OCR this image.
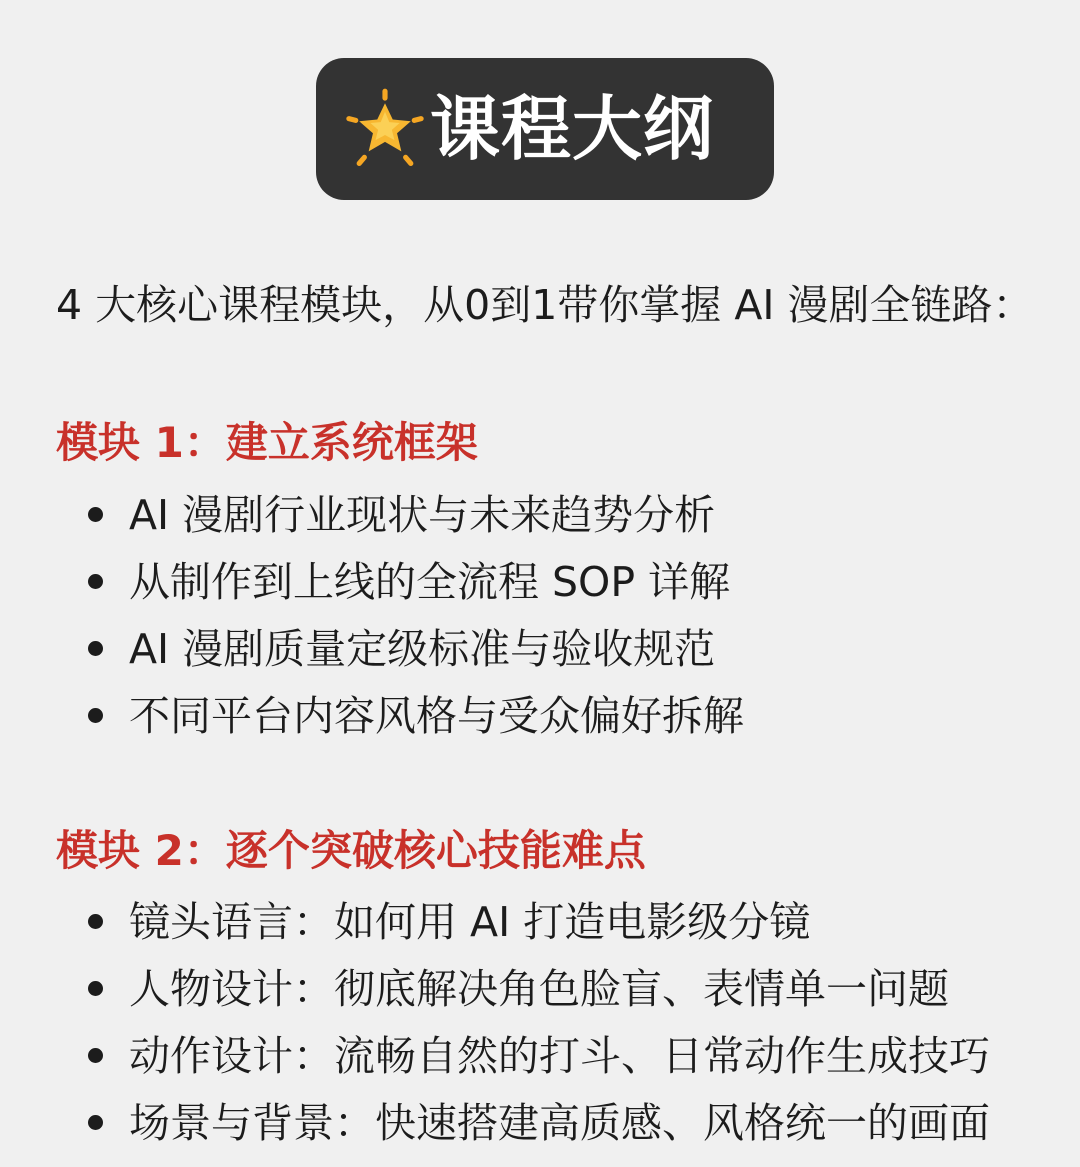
课程大纲
4 大核心课程模块，从0到1带你掌握 AI 漫剧全链路：
模块 1：建立系统框架
AI 漫剧行业现状与未来趋势分析
从制作到上线的全流程 SOP 详解
AI 漫剧质量定级标准与验收规范
不同平台内容风格与受众偏好拆解
模块 2：逐个突破核心技能难点
镜头语言：如何用 AI 打造电影级分镜
人物设计：彻底解决角色脸盲、表情单一问题
动作设计：流畅自然的打斗、日常动作生成技巧
场景与背景：快速搭建高质感、风格统一的画面
